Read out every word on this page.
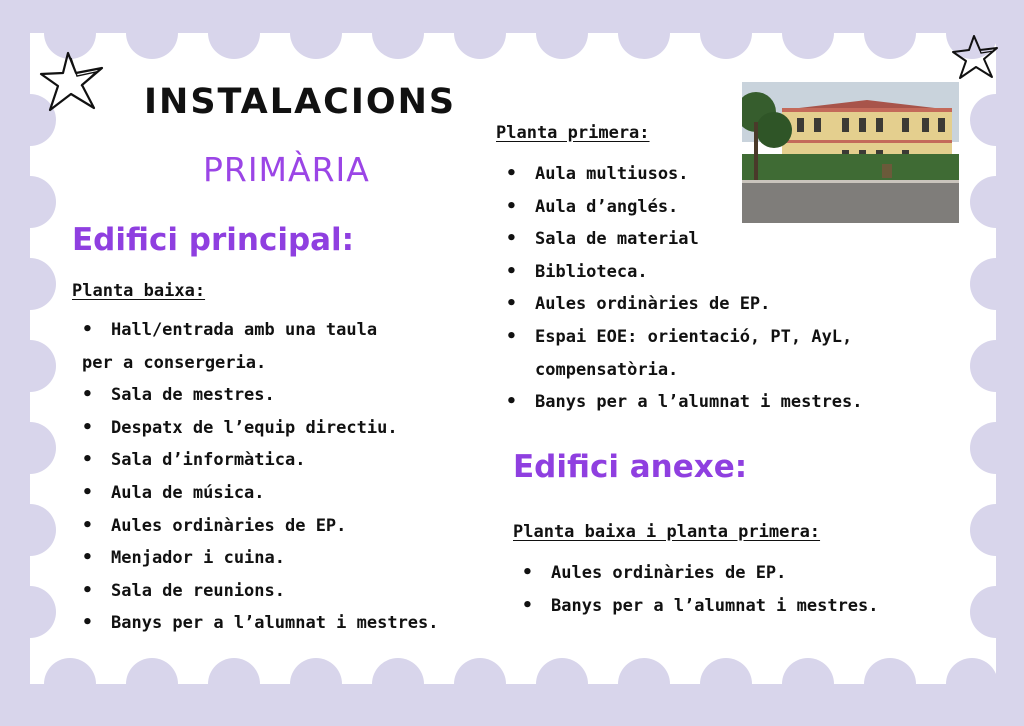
INSTALACIONS
PRIMÀRIA
Edifici principal:
Planta baixa:
• Hall/entrada amb una taula
per a consergeria.
• Sala de mestres.
• Despatx de l’equip directiu.
• Sala d’informàtica.
• Aula de música.
• Aules ordinàries de EP.
• Menjador i cuina.
• Sala de reunions.
• Banys per a l’alumnat i mestres.
Planta primera:
• Aula multiusos.
• Aula d’anglés.
• Sala de material
• Biblioteca.
• Aules ordinàries de EP.
• Espai EOE: orientació, PT, AyL,
compensatòria.
• Banys per a l’alumnat i mestres.
Edifici anexe:
Planta baixa i planta primera:
• Aules ordinàries de EP.
• Banys per a l’alumnat i mestres.
